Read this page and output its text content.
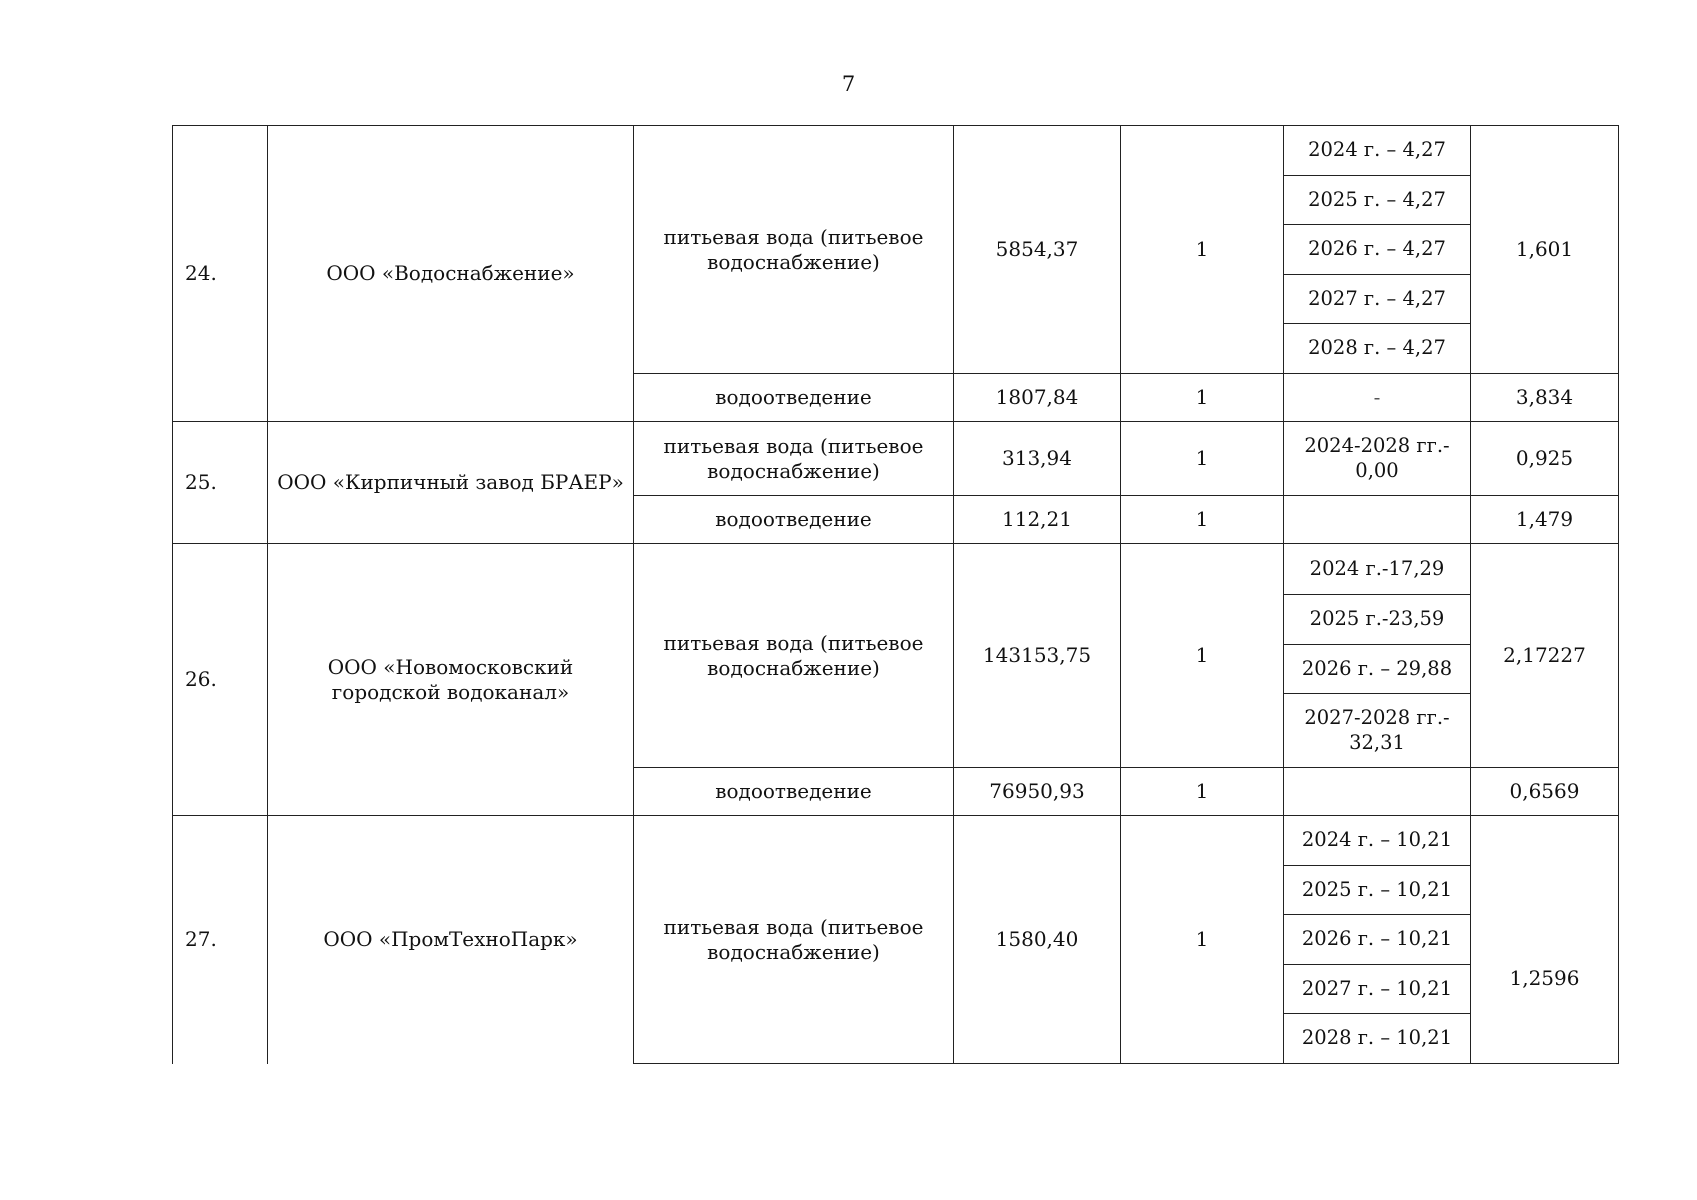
7
24.	ООО «Водоснабжение»	питьевая вода (питьевое водоснабжение)	5854,37	1	2024 г. – 4,27	1,601
					2025 г. – 4,27	
					2026 г. – 4,27	
					2027 г. – 4,27	
					2028 г. – 4,27	
		водоотведение	1807,84	1	-	3,834
25.	ООО «Кирпичный завод БРАЕР»	питьевая вода (питьевое водоснабжение)	313,94	1	2024-2028 гг.- 0,00	0,925
		водоотведение	112,21	1		1,479
26.	ООО «Новомосковский городской водоканал»	питьевая вода (питьевое водоснабжение)	143153,75	1	2024 г.-17,29	2,17227
					2025 г.-23,59	
					2026 г. – 29,88	
					2027-2028 гг.- 32,31	
		водоотведение	76950,93	1		0,6569
27.	ООО «ПромТехноПарк»	питьевая вода (питьевое водоснабжение)	1580,40	1	2024 г. – 10,21	1,2596
					2025 г. – 10,21	
					2026 г. – 10,21	
					2027 г. – 10,21	
					2028 г. – 10,21	
